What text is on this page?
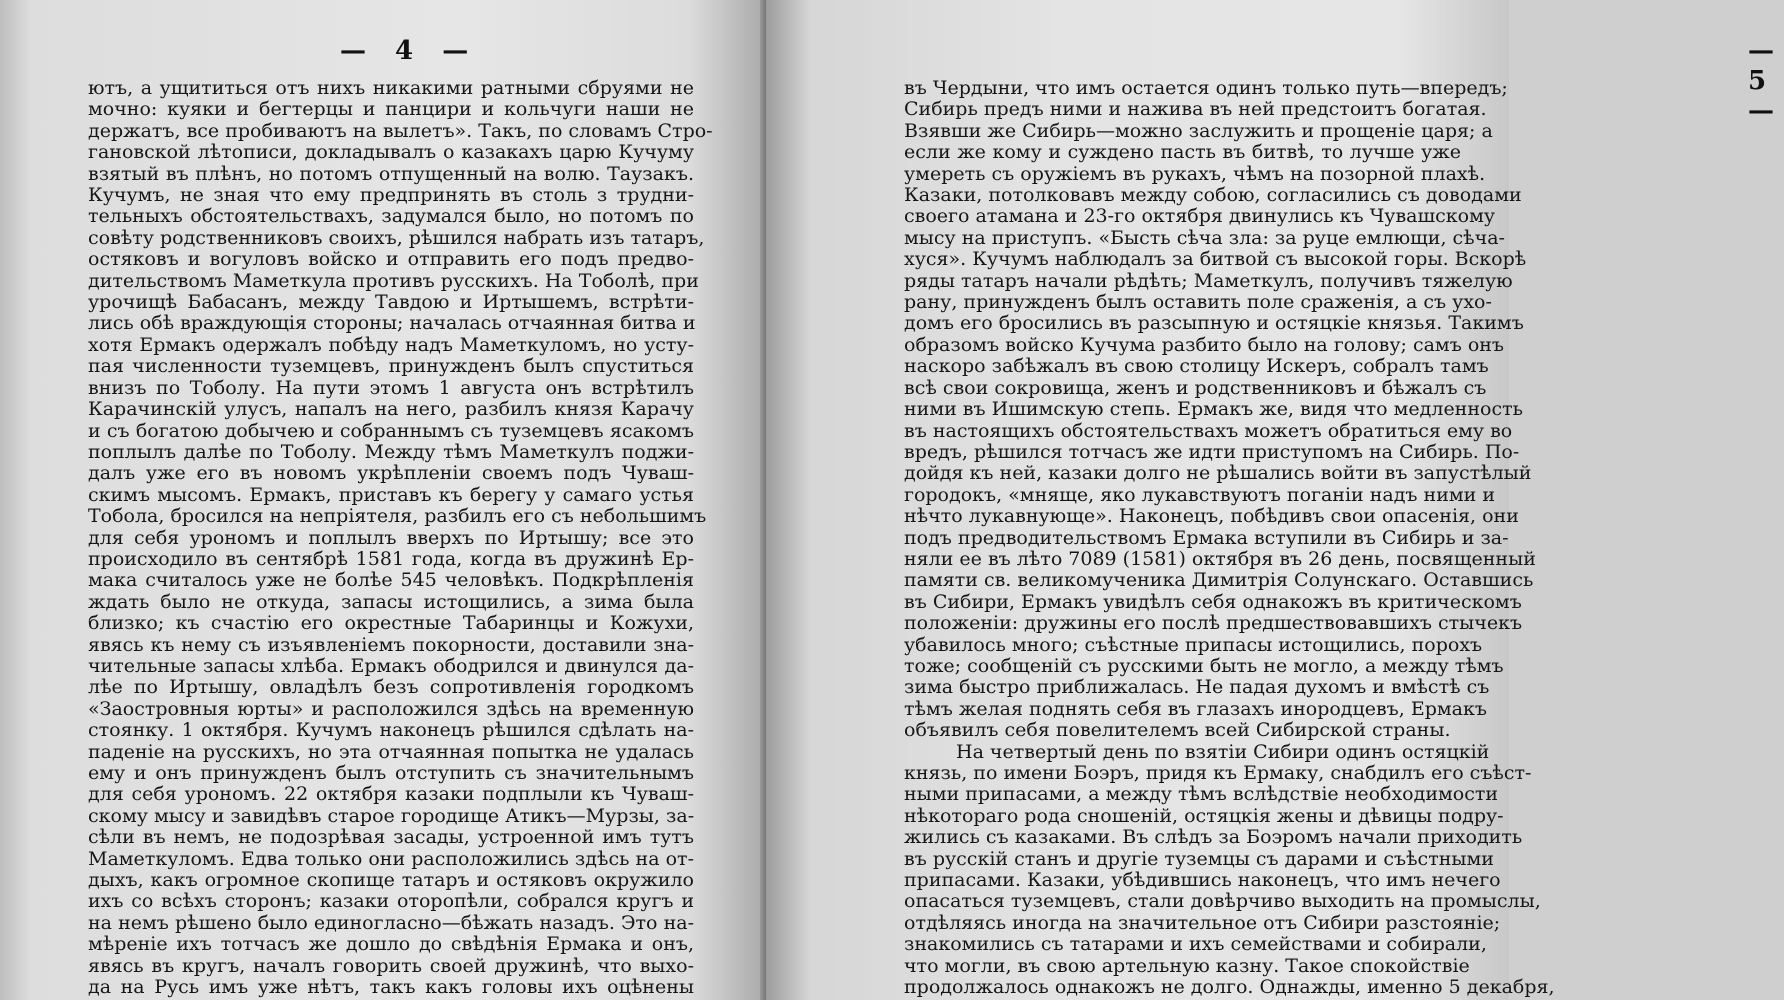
— 4 —
ютъ, а ущититься отъ нихъ никакими ратными сбруями не
мочно: куяки и бегтерцы и панцири и кольчуги наши не
держатъ, все пробиваютъ на вылетъ». Такъ, по словамъ Стро-
гановской лѣтописи, докладывалъ о казакахъ царю Кучуму
взятый въ плѣнъ, но потомъ отпущенный на волю. Таузакъ.
Кучумъ, не зная что ему предпринять въ столь з трудни-
тельныхъ обстоятельствахъ, задумался было, но потомъ по
совѣту родственниковъ своихъ, рѣшился набрать изъ татаръ,
остяковъ и вогуловъ войско и отправить его подъ предво-
дительствомъ Маметкула противъ русскихъ. На Тоболѣ, при
урочищѣ Бабасанъ, между Тавдою и Иртышемъ, встрѣти-
лись обѣ враждующія стороны; началась отчаянная битва и
хотя Ермакъ одержалъ побѣду надъ Маметкуломъ, но усту-
пая численности туземцевъ, принужденъ былъ спуститься
внизъ по Тоболу. На пути этомъ 1 августа онъ встрѣтилъ
Карачинскій улусъ, напалъ на него, разбилъ князя Карачу
и съ богатою добычею и собраннымъ съ туземцевъ ясакомъ
поплылъ далѣе по Тоболу. Между тѣмъ Маметкулъ поджи-
далъ уже его въ новомъ укрѣпленіи своемъ подъ Чуваш-
скимъ мысомъ. Ермакъ, приставъ къ берегу у самаго устья
Тобола, бросился на непріятеля, разбилъ его съ небольшимъ
для себя урономъ и поплылъ вверхъ по Иртышу; все это
происходило въ сентябрѣ 1581 года, когда въ дружинѣ Ер-
мака считалось уже не болѣе 545 человѣкъ. Подкрѣпленія
ждать было не откуда, запасы истощились, а зима была
близко; къ счастію его окрестные Табаринцы и Кожухи,
явясь къ нему съ изъявленіемъ покорности, доставили зна-
чительные запасы хлѣба. Ермакъ ободрился и двинулся да-
лѣе по Иртышу, овладѣлъ безъ сопротивленія городкомъ
«Заостровныя юрты» и расположился здѣсь на временную
стоянку. 1 октября. Кучумъ наконецъ рѣшился сдѣлать на-
паденіе на русскихъ, но эта отчаянная попытка не удалась
ему и онъ принужденъ былъ отступить съ значительнымъ
для себя урономъ. 22 октября казаки подплыли къ Чуваш-
скому мысу и завидѣвъ старое городище Атикъ—Мурзы, за-
сѣли въ немъ, не подозрѣвая засады, устроенной имъ тутъ
Маметкуломъ. Едва только они расположились здѣсь на от-
дыхъ, какъ огромное скопище татаръ и остяковъ окружило
ихъ со всѣхъ сторонъ; казаки оторопѣли, собрался кругъ и
на немъ рѣшено было единогласно—бѣжать назадъ. Это на-
мѣреніе ихъ тотчасъ же дошло до свѣдѣнія Ермака и онъ,
явясь въ кругъ, началъ говорить своей дружинѣ, что выхо-
да на Русь имъ уже нѣтъ, такъ какъ головы ихъ оцѣнены
— 5 —
въ Чердыни, что имъ остается одинъ только путь—впередъ;
Сибирь предъ ними и нажива въ ней предстоитъ богатая.
Взявши же Сибирь—можно заслужить и прощеніе царя; а
если же кому и суждено пасть въ битвѣ, то лучше уже
умереть съ оружіемъ въ рукахъ, чѣмъ на позорной плахѣ.
Казаки, потолковавъ между собою, согласились съ доводами
своего атамана и 23-го октября двинулись къ Чувашскому
мысу на приступъ. «Бысть сѣча зла: за руце емлющи, сѣча-
хуся». Кучумъ наблюдалъ за битвой съ высокой горы. Вскорѣ
ряды татаръ начали рѣдѣть; Маметкулъ, получивъ тяжелую
рану, принужденъ былъ оставить поле сраженія, а съ ухо-
домъ его бросились въ разсыпную и остяцкіе князья. Такимъ
образомъ войско Кучума разбито было на голову; самъ онъ
наскоро забѣжалъ въ свою столицу Искеръ, собралъ тамъ
всѣ свои сокровища, женъ и родственниковъ и бѣжалъ съ
ними въ Ишимскую степь. Ермакъ же, видя что медленность
въ настоящихъ обстоятельствахъ можетъ обратиться ему во
вредъ, рѣшился тотчасъ же идти приступомъ на Сибирь. По-
дойдя къ ней, казаки долго не рѣшались войти въ запустѣлый
городокъ, «мняще, яко лукавствуютъ поганіи надъ ними и
нѣчто лукавнующе». Наконецъ, побѣдивъ свои опасенія, они
подъ предводительствомъ Ермака вступили въ Сибирь и за-
няли ее въ лѣто 7089 (1581) октября въ 26 день, посвященный
памяти св. великомученика Димитрія Солунскаго. Оставшись
въ Сибири, Ермакъ увидѣлъ себя однакожъ въ критическомъ
положеніи: дружины его послѣ предшествовавшихъ стычекъ
убавилось много; съѣстные припасы истощились, порохъ
тоже; сообщеній съ русскими быть не могло, а между тѣмъ
зима быстро приближалась. Не падая духомъ и вмѣстѣ съ
тѣмъ желая поднять себя въ глазахъ инородцевъ, Ермакъ
объявилъ себя повелителемъ всей Сибирской страны.
На четвертый день по взятіи Сибири одинъ остяцкій
князь, по имени Боэръ, придя къ Ермаку, снабдилъ его съѣст-
ными припасами, а между тѣмъ вслѣдствіе необходимости
нѣкотораго рода сношеній, остяцкія жены и дѣвицы подру-
жились съ казаками. Въ слѣдъ за Боэромъ начали приходить
въ русскій станъ и другіе туземцы съ дарами и съѣстными
припасами. Казаки, убѣдившись наконецъ, что имъ нечего
опасаться туземцевъ, стали довѣрчиво выходить на промыслы,
отдѣляясь иногда на значительное отъ Сибири разстояніе;
знакомились съ татарами и ихъ семействами и собирали,
что могли, въ свою артельную казну. Такое спокойствіе
продолжалось однакожъ не долго. Однажды, именно 5 декабря,
